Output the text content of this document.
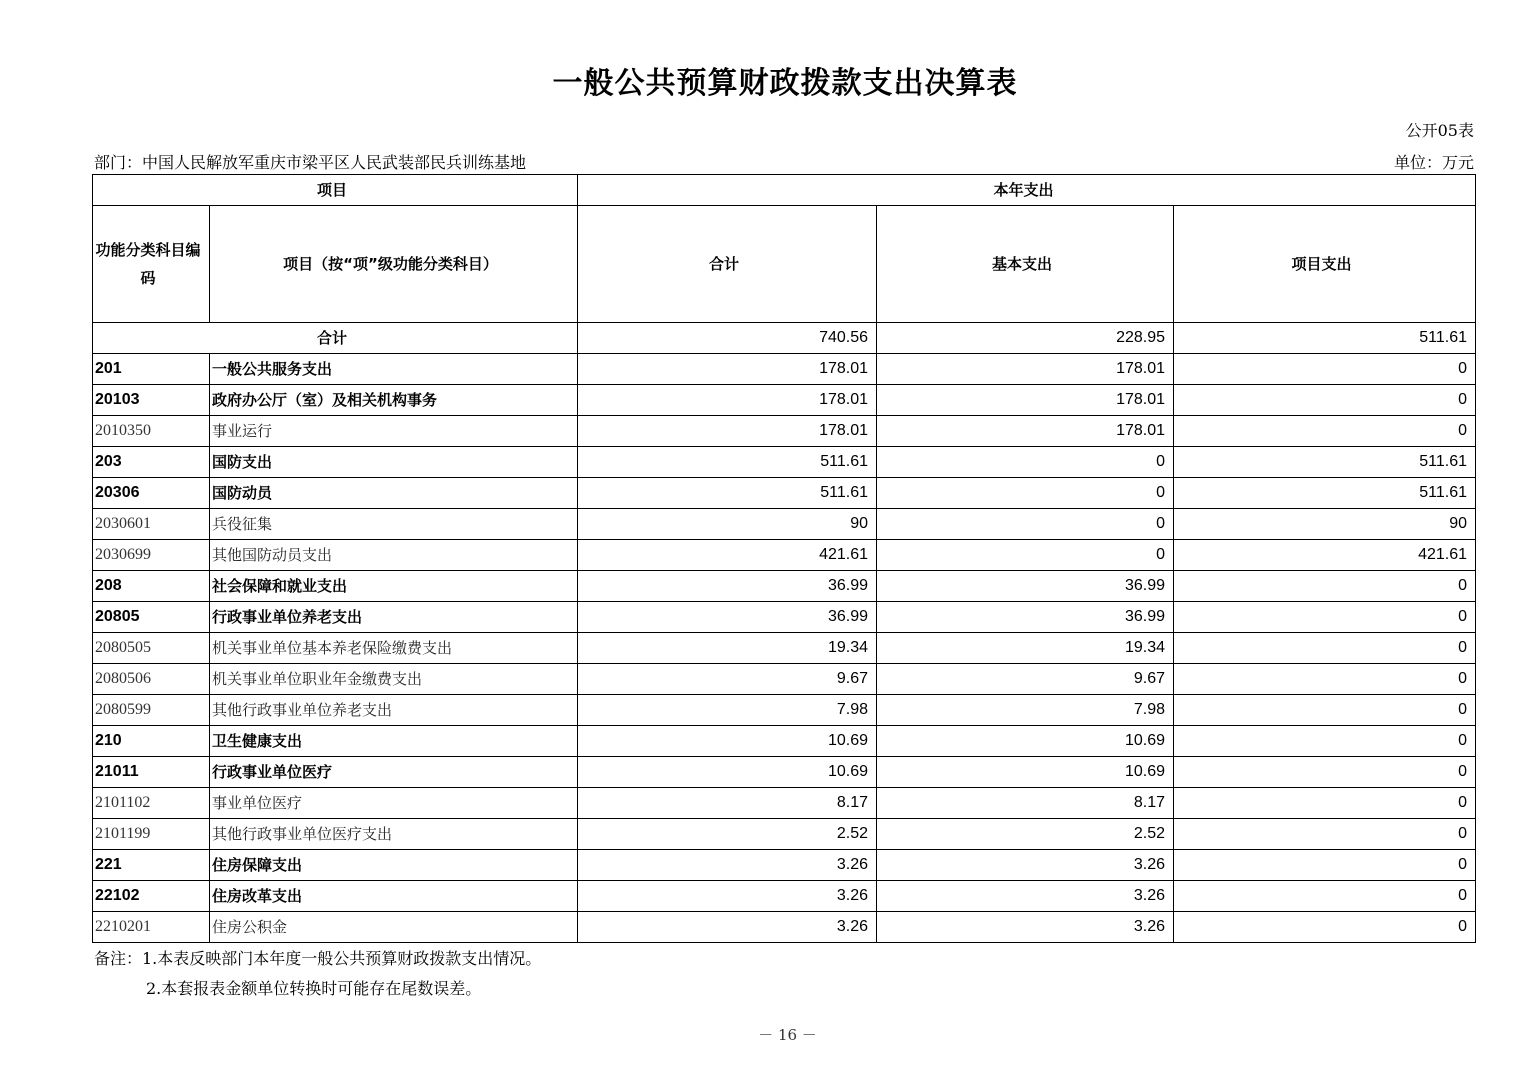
一般公共预算财政拨款支出决算表
公开05表
部门：中国人民解放军重庆市梁平区人民武装部民兵训练基地	单位：万元
项目		本年支出		
功能分类科目编码	项目（按“项”级功能分类科目）	合计	基本支出	项目支出
合计		740.56	228.95	511.61
201	一般公共服务支出	178.01	178.01	0
20103	政府办公厅（室）及相关机构事务	178.01	178.01	0
2010350	事业运行	178.01	178.01	0
203	国防支出	511.61	0	511.61
20306	国防动员	511.61	0	511.61
2030601	兵役征集	90	0	90
2030699	其他国防动员支出	421.61	0	421.61
208	社会保障和就业支出	36.99	36.99	0
20805	行政事业单位养老支出	36.99	36.99	0
2080505	机关事业单位基本养老保险缴费支出	19.34	19.34	0
2080506	机关事业单位职业年金缴费支出	9.67	9.67	0
2080599	其他行政事业单位养老支出	7.98	7.98	0
210	卫生健康支出	10.69	10.69	0
21011	行政事业单位医疗	10.69	10.69	0
2101102	事业单位医疗	8.17	8.17	0
2101199	其他行政事业单位医疗支出	2.52	2.52	0
221	住房保障支出	3.26	3.26	0
22102	住房改革支出	3.26	3.26	0
2210201	住房公积金	3.26	3.26	0
备注：1.本表反映部门本年度一般公共预算财政拨款支出情况。
2.本套报表金额单位转换时可能存在尾数误差。
－ 16 －
